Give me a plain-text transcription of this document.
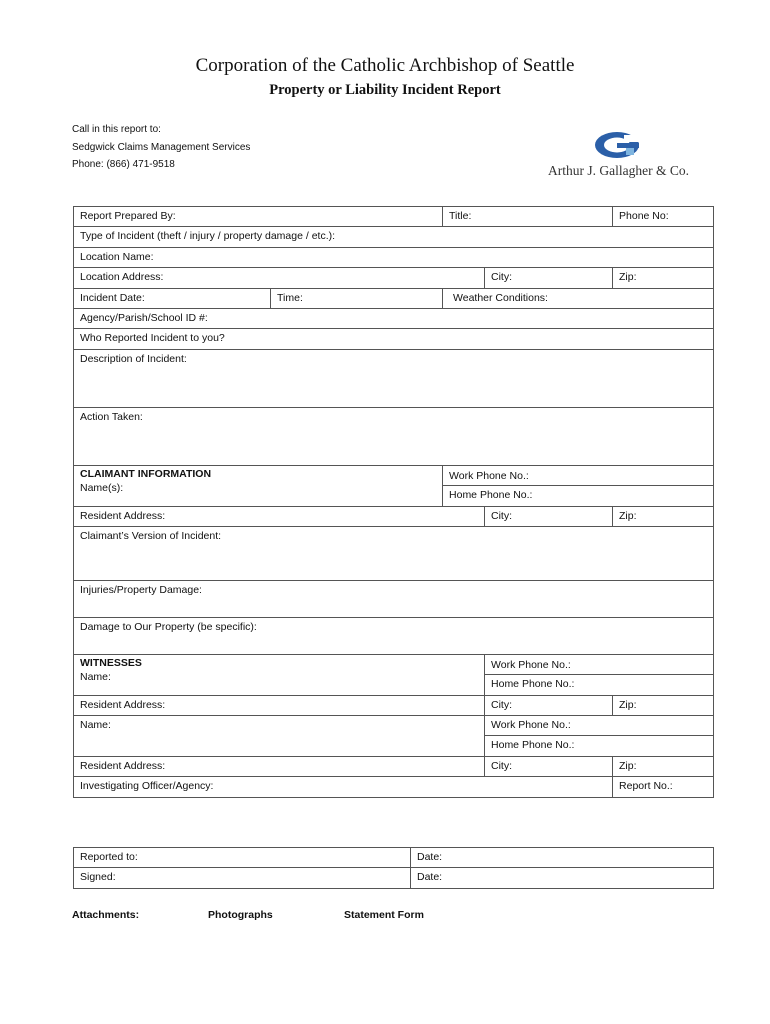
Corporation of the Catholic Archbishop of Seattle
Property or Liability Incident Report
Call in this report to:
Sedgwick Claims Management Services
Phone: (866) 471-9518	Arthur J. Gallagher & Co.
Report Prepared By:		Title:		Phone No:
Type of Incident (theft / injury / property damage / etc.):				
Location Name:				
Location Address:			City:	Zip:
Incident Date:	Time:	Weather Conditions:		
Agency/Parish/School ID #:				
Who Reported Incident to you?				
Description of Incident:				
Action Taken:				

CLAIMANT INFORMATION
Name(s):		Work Phone No.:		
		Home Phone No.:		
Resident Address:			City:	Zip:
Claimant’s Version of Incident:				
Injuries/Property Damage:				
Damage to Our Property (be specific):				

WITNESSES
Name:			Work Phone No.:	
			Home Phone No.:	
Resident Address:			City:	Zip:
Name:			Work Phone No.:	
			Home Phone No.:	
Resident Address:			City:	Zip:
Investigating Officer/Agency:				Report No.:
Reported to:	Date:
Signed:	Date:
Attachments:	Photographs	Statement Form
